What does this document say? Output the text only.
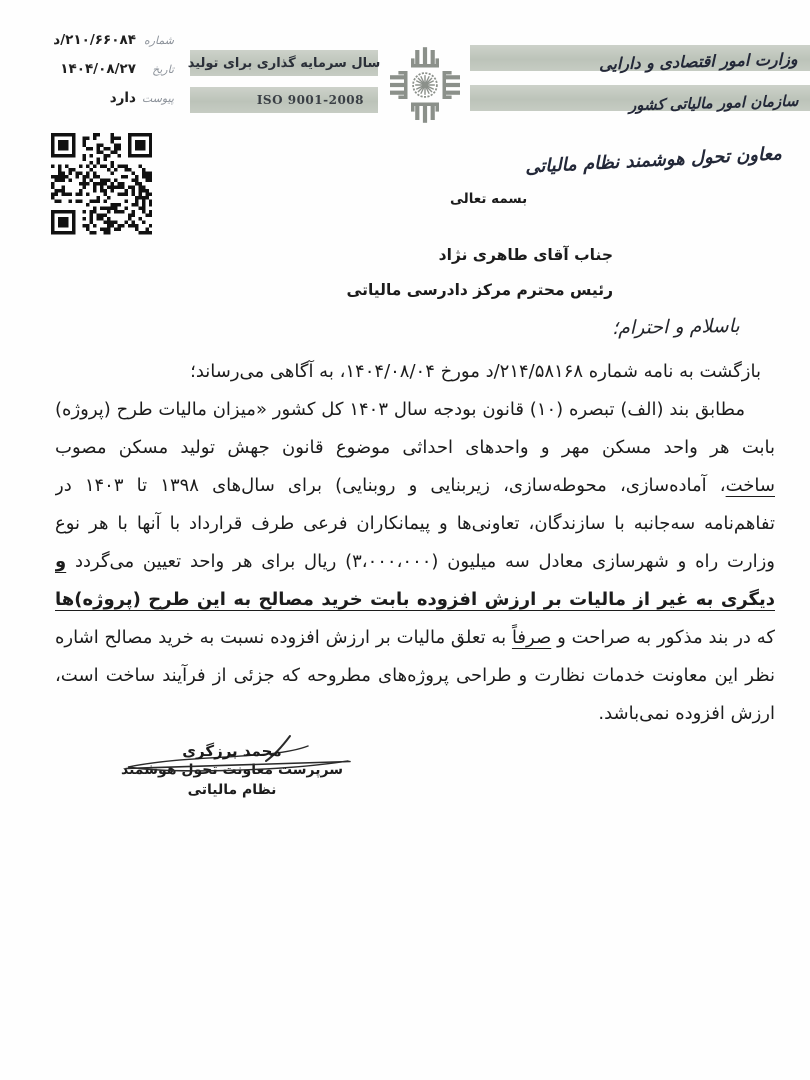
شماره
۲۱۰/۶۶۰۸۴/د
تاریخ
۱۴۰۴/۰۸/۲۷
پیوست
دارد
سال سرمایه گذاری برای تولید
ISO 9001-2008
وزارت امور اقتصادی و دارایی
سازمان امور مالیاتی کشور
معاون تحول هوشمند نظام مالیاتی
بسمه تعالی
جناب آقای طاهری نژاد
رئیس محترم مرکز دادرسی مالیاتی
باسلام و احترام؛
بازگشت به نامه شماره ۲۱۴/۵۸۱۶۸/د مورخ ۱۴۰۴/۰۸/۰۴، به آگاهی می‌رساند؛
مطابق بند (الف) تبصره (۱۰) قانون بودجه سال ۱۴۰۳ کل کشور «میزان مالیات طرح (پروژه)
بابت هر واحد مسکن مهر و واحدهای احداثی موضوع قانون جهش تولید مسکن مصوب
ساخت، آماده‌سازی، محوطه‌سازی، زیربنایی و روبنایی) برای سال‌های ۱۳۹۸ تا ۱۴۰۳ در
تفاهم‌نامه سه‌جانبه با سازندگان، تعاونی‌ها و پیمانکاران فرعی طرف قرارداد با آنها با هر نوع
وزارت راه و شهرسازی معادل سه میلیون (۳،۰۰۰،۰۰۰) ریال برای هر واحد تعیین می‌گردد و
دیگری به غیر از مالیات بر ارزش افزوده بابت خرید مصالح به این طرح (پروژه)ها
که در بند مذکور به صراحت و صرفاً به تعلق مالیات بر ارزش افزوده نسبت به خرید مصالح اشاره
نظر این معاونت خدمات نظارت و طراحی پروژه‌های مطروحه که جزئی از فرآیند ساخت است،
ارزش افزوده نمی‌باشد.
محمد برزگری
سرپرست معاونت تحول هوشمند
نظام مالیاتی
